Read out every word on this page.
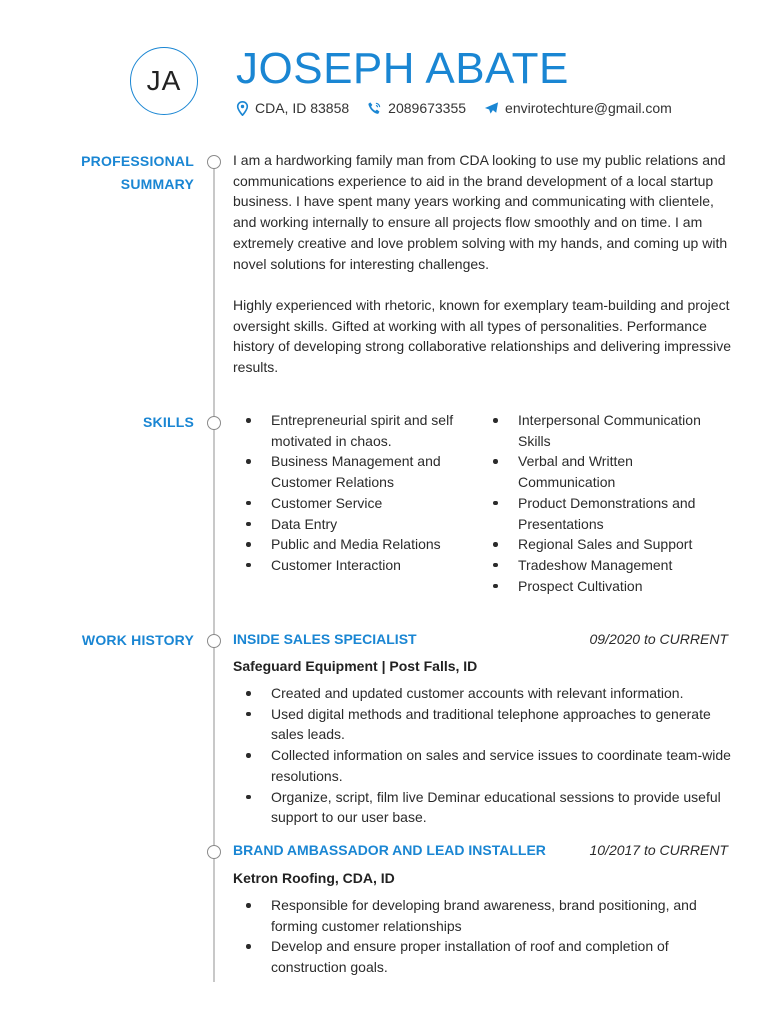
JA JOSEPH ABATE
CDA, ID 83858	2089673355	envirotechture@gmail.com
PROFESSIONAL
SUMMARY

I am a hardworking family man from CDA looking to use my public relations and communications experience to aid in the brand development of a local startup business. I have spent many years working and communicating with clientele, and working internally to ensure all projects flow smoothly and on time. I am extremely creative and love problem solving with my hands, and coming up with novel solutions for interesting challenges.

Highly experienced with rhetoric, known for exemplary team-building and project oversight skills. Gifted at working with all types of personalities. Performance history of developing strong collaborative relationships and delivering impressive results.

SKILLS	Entrepreneurial spirit and self motivated in chaos.
Business Management and Customer Relations
Customer Service
Data Entry
Public and Media Relations
Customer Interaction
Interpersonal Communication Skills
Verbal and Written Communication
Product Demonstrations and Presentations
Regional Sales and Support
Tradeshow Management
Prospect Cultivation
WORK HISTORY	INSIDE SALES SPECIALIST	09/2020 to CURRENT
Safeguard Equipment | Post Falls, ID
Created and updated customer accounts with relevant information.
Used digital methods and traditional telephone approaches to generate sales leads.
Collected information on sales and service issues to coordinate team-wide resolutions.
Organize, script, film live Deminar educational sessions to provide useful support to our user base.
BRAND AMBASSADOR AND LEAD INSTALLER	10/2017 to CURRENT
Ketron Roofing, CDA, ID
Responsible for developing brand awareness, brand positioning, and forming customer relationships
Develop and ensure proper installation of roof and completion of construction goals.
